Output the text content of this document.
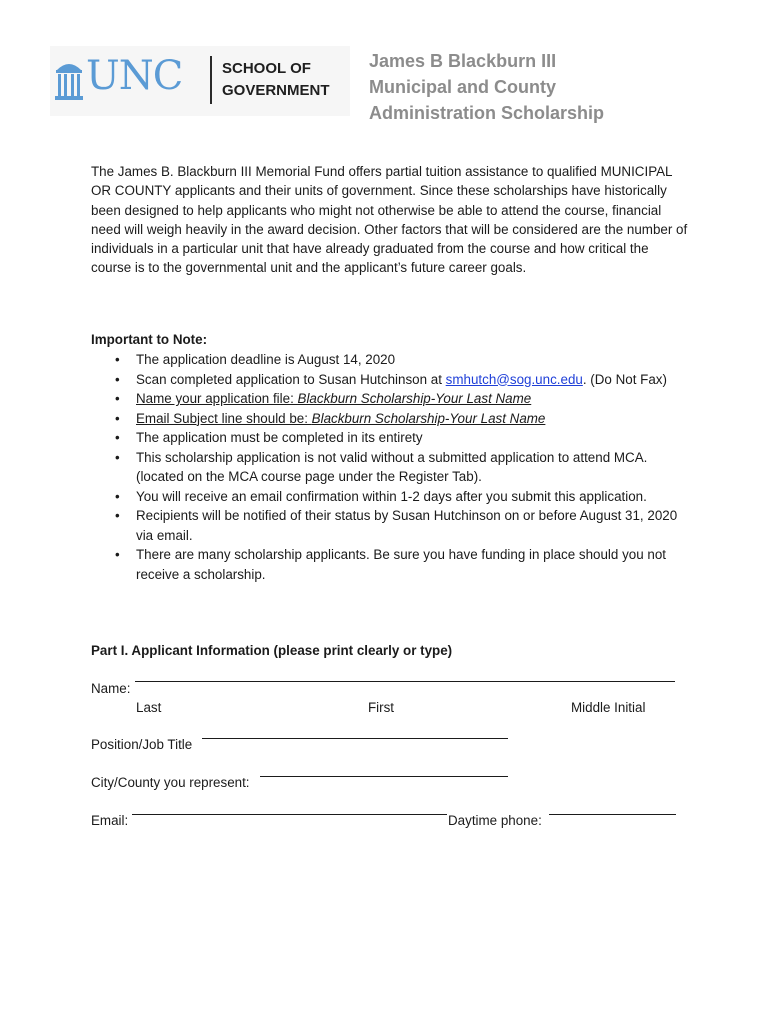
UNC	SCHOOL OF
GOVERNMENT
James B Blackburn III
Municipal and County
Administration Scholarship

The James B. Blackburn III Memorial Fund offers partial tuition assistance to qualified MUNICIPAL OR COUNTY applicants and their units of government. Since these scholarships have historically been designed to help applicants who might not otherwise be able to attend the course, financial need will weigh heavily in the award decision. Other factors that will be considered are the number of individuals in a particular unit that have already graduated from the course and how critical the course is to the governmental unit and the applicant’s future career goals.

Important to Note:

• The application deadline is August 14, 2020
• Scan completed application to Susan Hutchinson at smhutch@sog.unc.edu. (Do Not Fax)
• Name your application file: Blackburn Scholarship-Your Last Name
• Email Subject line should be: Blackburn Scholarship-Your Last Name
• The application must be completed in its entirety
• This scholarship application is not valid without a submitted application to attend MCA. (located on the MCA course page under the Register Tab).
• You will receive an email confirmation within 1-2 days after you submit this application.
• Recipients will be notified of their status by Susan Hutchinson on or before August 31, 2020 via email.
• There are many scholarship applicants. Be sure you have funding in place should you not receive a scholarship.

Part I. Applicant Information (please print clearly or type)

Name:
Last	First	Middle Initial
Position/Job Title
City/County you represent:
Email:	Daytime phone:
